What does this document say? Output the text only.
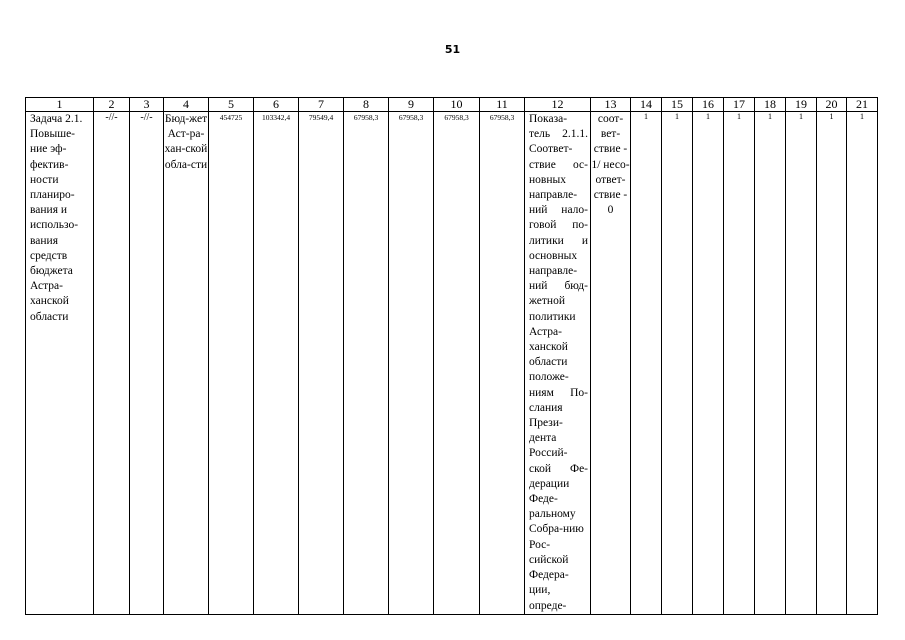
51
1	2	3	4	5	6	7	8	9	10	11	12	13	14	15	16	17	18	19	20	21
Задача 2.1. Повыше-ние эф-фектив-ности планиро-вания и использо-вания средств бюджета Астра-ханской области	-//-	-//-	Бюд-жет Аст-ра-хан-ской обла-сти	454725	103342,4	79549,4	67958,3	67958,3	67958,3	67958,3	Показа-тель 2.1.1. Соответ-ствие ос-новных направле-ний нало-говой по-литики и основных направле-ний бюд-жетной политики Астра-ханской области положе-ниям По-слания Прези-дента Россий-ской Фе-дерации Феде-ральному Собра-нию Рос-сийской Федера-ции, опреде-	соот-вет-ствие - 1/ несо-ответ-ствие - 0	1	1	1	1	1	1	1	1
